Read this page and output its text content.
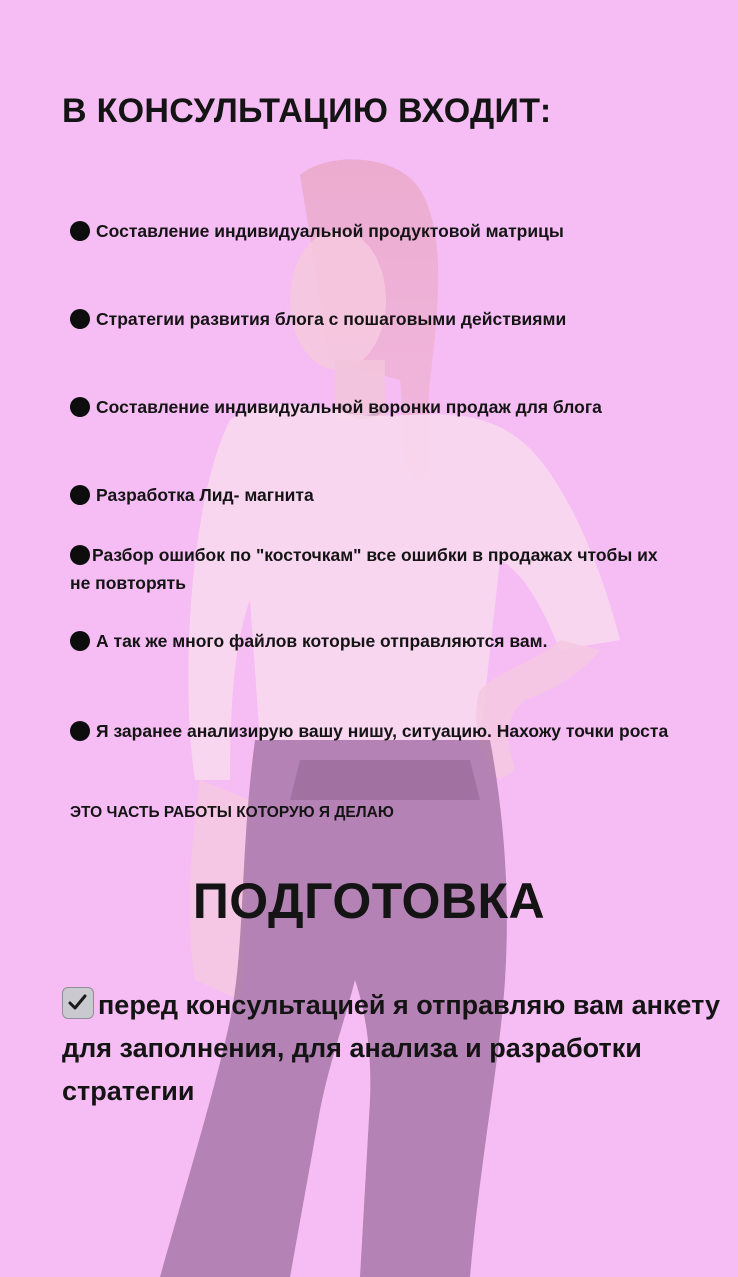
В КОНСУЛЬТАЦИЮ ВХОДИТ:
Составление индивидуальной продуктовой матрицы
Стратегии развития блога с пошаговыми действиями
Составление индивидуальной воронки продаж для блога
Разработка Лид- магнита
Разбор ошибок по "косточкам" все ошибки в продажах чтобы их не повторять
А так же много файлов которые отправляются вам.
Я заранее анализирую вашу нишу, ситуацию. Нахожу точки роста
ЭТО ЧАСТЬ РАБОТЫ КОТОРУЮ Я ДЕЛАЮ
ПОДГОТОВКА
перед консультацией я отправляю вам анкету для заполнения, для анализа и разработки стратегии
